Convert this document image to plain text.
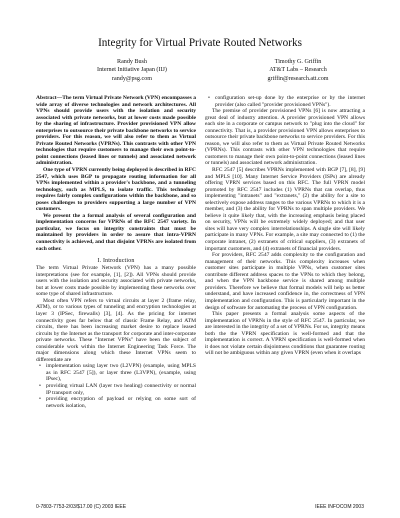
Integrity for Virtual Private Routed Networks
Randy Bush
Internet Initiative Japan (IIJ)
randy@psg.com
Timothy G. Griffin
AT&T Labs – Research
griffin@research.att.com

Abstract—The term Virtual Private Network (VPN) encompasses a wide array of diverse technologies and network architectures. All VPNs should provide users with the isolation and security associated with private networks, but at lower costs made possible by the sharing of infrastructure. Provider provisioned VPN allow enterprises to outsource their private backbone networks to service providers. For this reason, we will also refer to them as Virtual Private Routed Networks (VPRNs). This contrasts with other VPN technologies that require customers to manage their own point-to-point connections (leased lines or tunnels) and associated network administration.

One type of VPRN currently being deployed is described in RFC 2547, which uses BGP to propagate routing information for all VPNs implemented within a provider's backbone, and a tunneling technology, such as MPLS, to isolate traffic. This technology requires fairly complex configurations within the backbone, and so poses challenges to providers supporting a large number of VPN customers.

We present the a formal analysis of several configuration and implementation concerns for VPRNs of the RFC 2547 variety. In particular, we focus on integrity constraints that must be maintained by providers in order to assure that intra-VPRN connectivity is achieved, and that disjoint VPRNs are isolated from each other.

I. Introduction

The term Virtual Private Network (VPN) has a many possible interpretations (see for example, [1], [2]). All VPNs should provide users with the isolation and security associated with private networks, but at lower costs made possible by implementing these networks over some type of shared infrastructure.

Most often VPN refers to virtual circuits at layer 2 (frame relay, ATM), or to various types of tunneling and encryption technologies at layer 3 (IPSec, firewalls) [3], [4]. As the pricing for internet connectivity goes far below that of classic Frame Relay, and ATM circuits, there has been increasing market desire to replace leased circuits by the Internet as the transport for corporate and inter-corporate private networks. These "Internet VPNs" have been the subject of considerable work within the Internet Engineering Task Force. The major dimensions along which these Internet VPNs seem to differentiate are

• implementation using layer two (L2VPN) (example, using MPLS as in RFC 2547 [5]), or layer three (L3VPN), (example, using IPsec),
• providing virtual LAN (layer two healing) connectivity or normal IP transport only,
• providing encryption of payload or relying on some sort of network isolation,
• configuration set-up done by the enterprise or by the internet provider (also called "provider provisioned VPNs").

The premise of provider provisioned VPNs [6] is now attracting a great deal of industry attention. A provider provisioned VPN allows each site in a corporate or campus network to "plug into the cloud" for connectivity. That is, a provider provisioned VPN allows enterprises to outsource their private backbone networks to service providers. For this reason, we will also refer to them as Virtual Private Routed Networks (VPRNs). This contrasts with other VPN technologies that require customers to manage their own point-to-point connections (leased lines or tunnels) and associated network administration.

RFC 2547 [5] describes VPRNs implemented with BGP [7], [8], [9] and MPLS [10]. Many Internet Service Providers (ISPs) are already offering VPRN services based on this RFC. The full VPRN model promoted by RFC 2547 includes (1) VPRNs that can overlap, thus implementing "intranets" and "extranets," (2) the ability for a site to selectively expose address ranges to the various VPRNs to which it is a member, and (3) the ability for VPRNs to span multiple providers. We believe it quite likely that, with the increasing emphasis being placed on security, VPNs will be extremely widely deployed; and that user sites will have very complex interrelationships. A single site will likely participate in many VPNs. For example, a site may connected to (1) the corporate intranet, (2) extranets of critical suppliers, (3) extranets of important customers, and (4) extranets of financial providers.

For providers, RFC 2547 adds complexity to the configuration and management of their networks. This complexity increases when customer sites participate in multiple VPNs, when customer sites contribute different address spaces to the VPNs to which they belong, and when the VPN backbone service is shared among multiple providers. Therefore we believe that formal models will help us better understand, and have increased confidence in, the correctness of VPN implementation and configuration. This is particularly important in the design of software for automating the process of VPN configuration.

This paper presents a formal analysis some aspects of the implementation of VPRNs in the style of RFC 2547. In particular, we are interested in the integrity of a set of VPRNs. For us, integrity means both the the VPRN specification is well-formed and that the implementation is correct. A VPRN specification is well-formed when it does not violate certain disjointness conditions that guarantee routing will not be ambiguous within any given VPRN (even when it overlaps

0-7803-7753-2/03/$17.00 (C) 2003 IEEE	IEEE INFOCOM 2003
